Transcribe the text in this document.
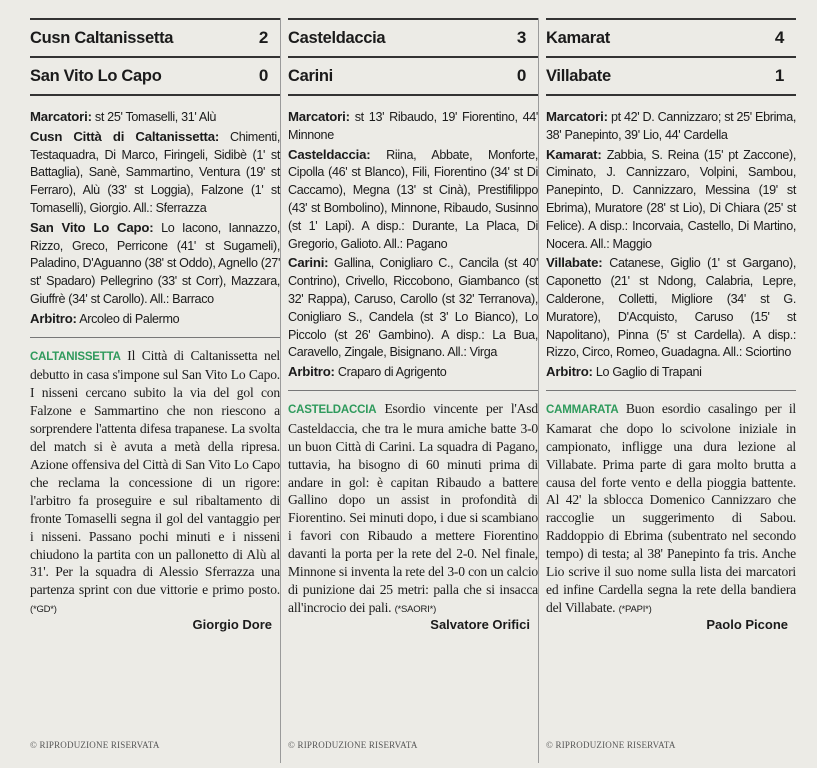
Cusn Caltanissetta	2
San Vito Lo Capo	0

Marcatori: st 25' Tomaselli, 31' Alù

Cusn Città di Caltanissetta: Chimenti, Testaquadra, Di Marco, Firingeli, Sidibè (1' st Battaglia), Sanè, Sammartino, Ventura (19' st Ferraro), Alù (33' st Loggia), Falzone (1' st Tomaselli), Giorgio. All.: Sferrazza

San Vito Lo Capo: Lo Iacono, Iannazzo, Rizzo, Greco, Perricone (41' st Sugameli), Paladino, D'Aguanno (38' st Oddo), Agnello (27' st' Spadaro) Pellegrino (33' st Corr), Mazzara, Giuffrè (34' st Carollo). All.: Barraco

Arbitro: Arcoleo di Palermo

CALTANISSETTA Il Città di Caltanissetta nel debutto in casa s'impone sul San Vito Lo Capo. I nisseni cercano subito la via del gol con Falzone e Sammartino che non riescono a sorprendere l'attenta difesa trapanese. La svolta del match si è avuta a metà della ripresa. Azione offensiva del Città di San Vito Lo Capo che reclama la concessione di un rigore: l'arbitro fa proseguire e sul ribaltamento di fronte Tomaselli segna il gol del vantaggio per i nisseni. Passano pochi minuti e i nisseni chiudono la partita con un pallonetto di Alù al 31'. Per la squadra di Alessio Sferrazza una partenza sprint con due vittorie e primo posto. (*GD*)
Giorgio Dore
Casteldaccia	3
Carini	0

Marcatori: st 13' Ribaudo, 19' Fiorentino, 44' Minnone

Casteldaccia: Riina, Abbate, Monforte, Cipolla (46' st Blanco), Fili, Fiorentino (34' st Di Caccamo), Megna (13' st Cinà), Prestifilippo (43' st Bombolino), Minnone, Ribaudo, Susinno (st 1' Lapi). A disp.: Durante, La Placa, Di Gregorio, Galioto. All.: Pagano

Carini: Gallina, Conigliaro C., Cancila (st 40' Contrino), Crivello, Riccobono, Giambanco (st 32' Rappa), Caruso, Carollo (st 32' Terranova), Conigliaro S., Candela (st 3' Lo Bianco), Lo Piccolo (st 26' Gambino). A disp.: La Bua, Caravello, Zingale, Bisignano. All.: Virga

Arbitro: Craparo di Agrigento

CASTELDACCIA Esordio vincente per l'Asd Casteldaccia, che tra le mura amiche batte 3-0 un buon Città di Carini. La squadra di Pagano, tuttavia, ha bisogno di 60 minuti prima di andare in gol: è capitan Ribaudo a battere Gallino dopo un assist in profondità di Fiorentino. Sei minuti dopo, i due si scambiano i favori con Ribaudo a mettere Fiorentino davanti la porta per la rete del 2-0. Nel finale, Minnone si inventa la rete del 3-0 con un calcio di punizione dai 25 metri: palla che si insacca all'incrocio dei pali. (*SAORI*)
Salvatore Orifici
Kamarat	4
Villabate	1

Marcatori: pt 42' D. Cannizzaro; st 25' Ebrima, 38' Panepinto, 39' Lio, 44' Cardella

Kamarat: Zabbia, S. Reina (15' pt Zaccone), Ciminato, J. Cannizzaro, Volpini, Sambou, Panepinto, D. Cannizzaro, Messina (19' st Ebrima), Muratore (28' st Lio), Di Chiara (25' st Felice). A disp.: Incorvaia, Castello, Di Martino, Nocera. All.: Maggio

Villabate: Catanese, Giglio (1' st Gargano), Caponetto (21' st Ndong, Calabria, Lepre, Calderone, Colletti, Migliore (34' st G. Muratore), D'Acquisto, Caruso (15' st Napolitano), Pinna (5' st Cardella). A disp.: Rizzo, Circo, Romeo, Guadagna. All.: Sciortino

Arbitro: Lo Gaglio di Trapani

CAMMARATA Buon esordio casalingo per il Kamarat che dopo lo scivolone iniziale in campionato, infligge una dura lezione al Villabate. Prima parte di gara molto brutta a causa del forte vento e della pioggia battente. Al 42' la sblocca Domenico Cannizzaro che raccoglie un suggerimento di Sabou. Raddoppio di Ebrima (subentrato nel secondo tempo) di testa; al 38' Panepinto fa tris. Anche Lio scrive il suo nome sulla lista dei marcatori ed infine Cardella segna la rete della bandiera del Villabate. (*PAPI*)
Paolo Picone
© RIPRODUZIONE RISERVATA	© RIPRODUZIONE RISERVATA	© RIPRODUZIONE RISERVATA
